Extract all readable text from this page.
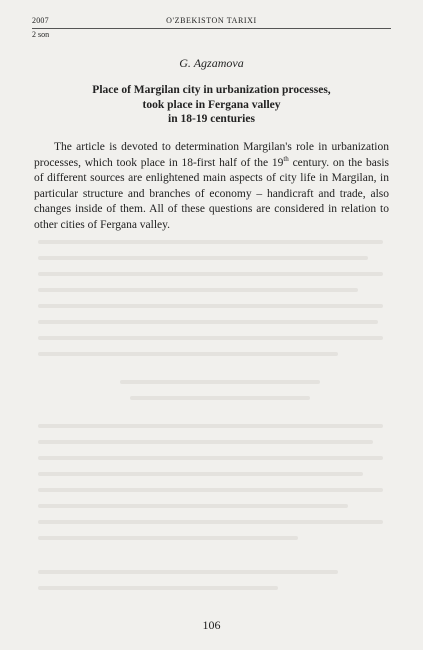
2007	O'ZBEKISTON TARIXI
2 son
G. Agzamova
Place of Margilan city in urbanization processes,
took place in Fergana valley
in 18-19 centuries

The article is devoted to determination Margilan's role in urbanization processes, which took place in 18-first half of the 19th century. on the basis of different sources are enlightened main aspects of city life in Margilan, in particular structure and branches of economy – handicraft and trade, also changes inside of them. All of these questions are considered in relation to other cities of Fergana valley.

106
